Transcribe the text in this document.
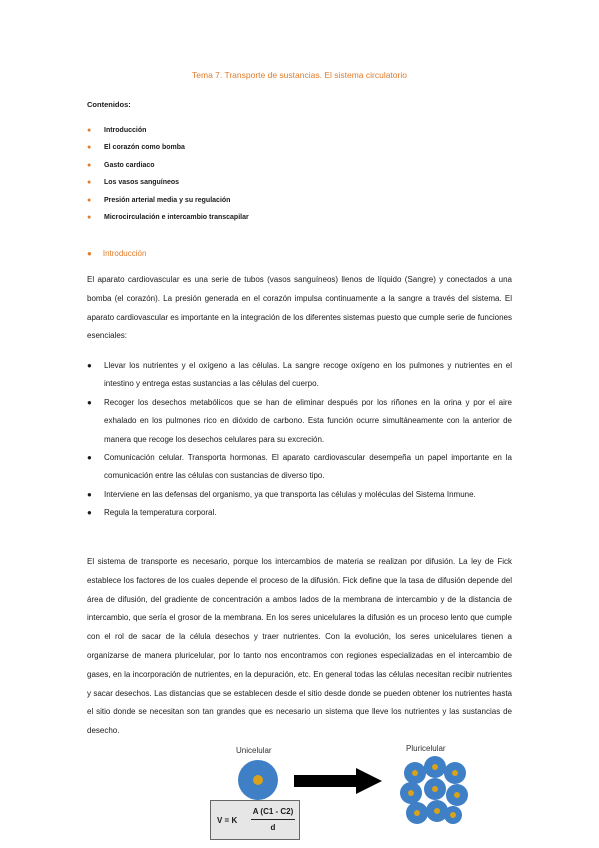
Tema 7. Transporte de sustancias. El sistema circulatorio
Contenidos:
● Introducción
● El corazón como bomba
● Gasto cardiaco
● Los vasos sanguíneos
● Presión arterial media y su regulación
● Microcirculación e intercambio transcapilar
● Introducción
El aparato cardiovascular es una serie de tubos (vasos sanguíneos) llenos de líquido (Sangre) y conectados a una bomba (el corazón). La presión generada en el corazón impulsa continuamente a la sangre a través del sistema. El aparato cardiovascular es importante en la integración de los diferentes sistemas puesto que cumple serie de funciones esenciales:
● Llevar los nutrientes y el oxígeno a las células. La sangre recoge oxígeno en los pulmones y nutrientes en el intestino y entrega estas sustancias a las células del cuerpo.
● Recoger los desechos metabólicos que se han de eliminar después por los riñones en la orina y por el aire exhalado en los pulmones rico en dióxido de carbono. Esta función ocurre simultáneamente con la anterior de manera que recoge los desechos celulares para su excreción.
● Comunicación celular. Transporta hormonas. El aparato cardiovascular desempeña un papel importante en la comunicación entre las células con sustancias de diverso tipo.
● Interviene en las defensas del organismo, ya que transporta las células y moléculas del Sistema Inmune.
● Regula la temperatura corporal.
El sistema de transporte es necesario, porque los intercambios de materia se realizan por difusión. La ley de Fick establece los factores de los cuales depende el proceso de la difusión. Fick define que la tasa de difusión depende del área de difusión, del gradiente de concentración a ambos lados de la membrana de intercambio y de la distancia de intercambio, que sería el grosor de la membrana. En los seres unicelulares la difusión es un proceso lento que cumple con el rol de sacar de la célula desechos y traer nutrientes. Con la evolución, los seres unicelulares tienen a organizarse de manera pluricelular, por lo tanto nos encontramos con regiones especializadas en el intercambio de gases, en la incorporación de nutrientes, en la depuración, etc. En general todas las células necesitan recibir nutrientes y sacar desechos. Las distancias que se establecen desde el sitio desde donde se pueden obtener los nutrientes hasta el sitio donde se necesitan son tan grandes que es necesario un sistema que lleve los nutrientes y las sustancias de desecho.
Unicelular	Pluricelular
V = K
A (C1 - C2)
d
